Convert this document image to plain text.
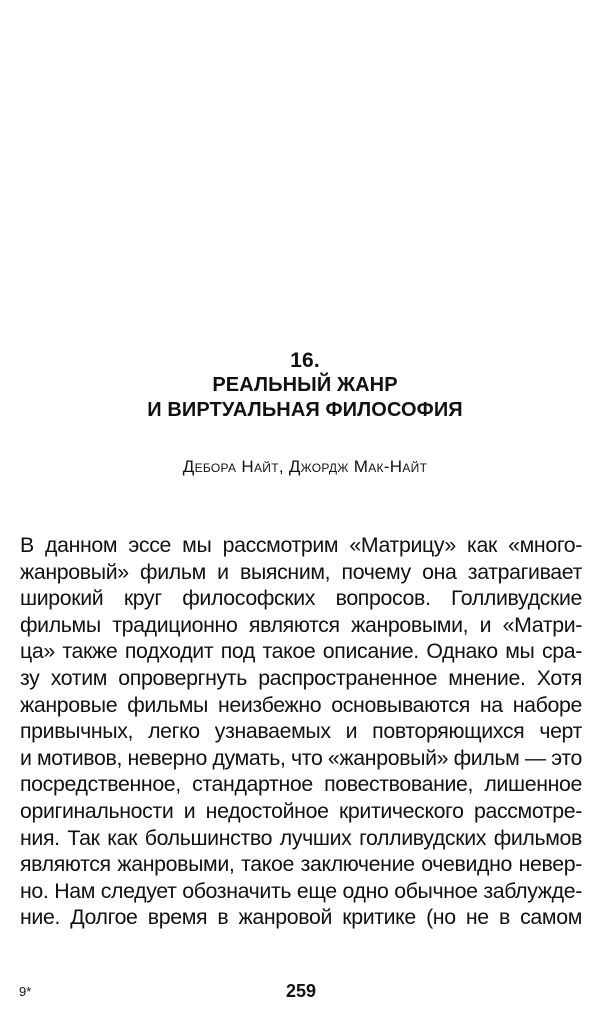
16.
РЕАЛЬНЫЙ ЖАНР
И ВИРТУАЛЬНАЯ ФИЛОСОФИЯ
Дебора Найт, Джордж Мак-Найт
В данном эссе мы рассмотрим «Матрицу» как «много-
жанровый» фильм и выясним, почему она затрагивает
широкий круг философских вопросов. Голливудские
фильмы традиционно являются жанровыми, и «Матри-
ца» также подходит под такое описание. Однако мы сра-
зу хотим опровергнуть распространенное мнение. Хотя
жанровые фильмы неизбежно основываются на наборе
привычных, легко узнаваемых и повторяющихся черт
и мотивов, неверно думать, что «жанровый» фильм — это
посредственное, стандартное повествование, лишенное
оригинальности и недостойное критического рассмотре-
ния. Так как большинство лучших голливудских фильмов
являются жанровыми, такое заключение очевидно невер-
но. Нам следует обозначить еще одно обычное заблужде-
ние. Долгое время в жанровой критике (но не в самом
9*	259
